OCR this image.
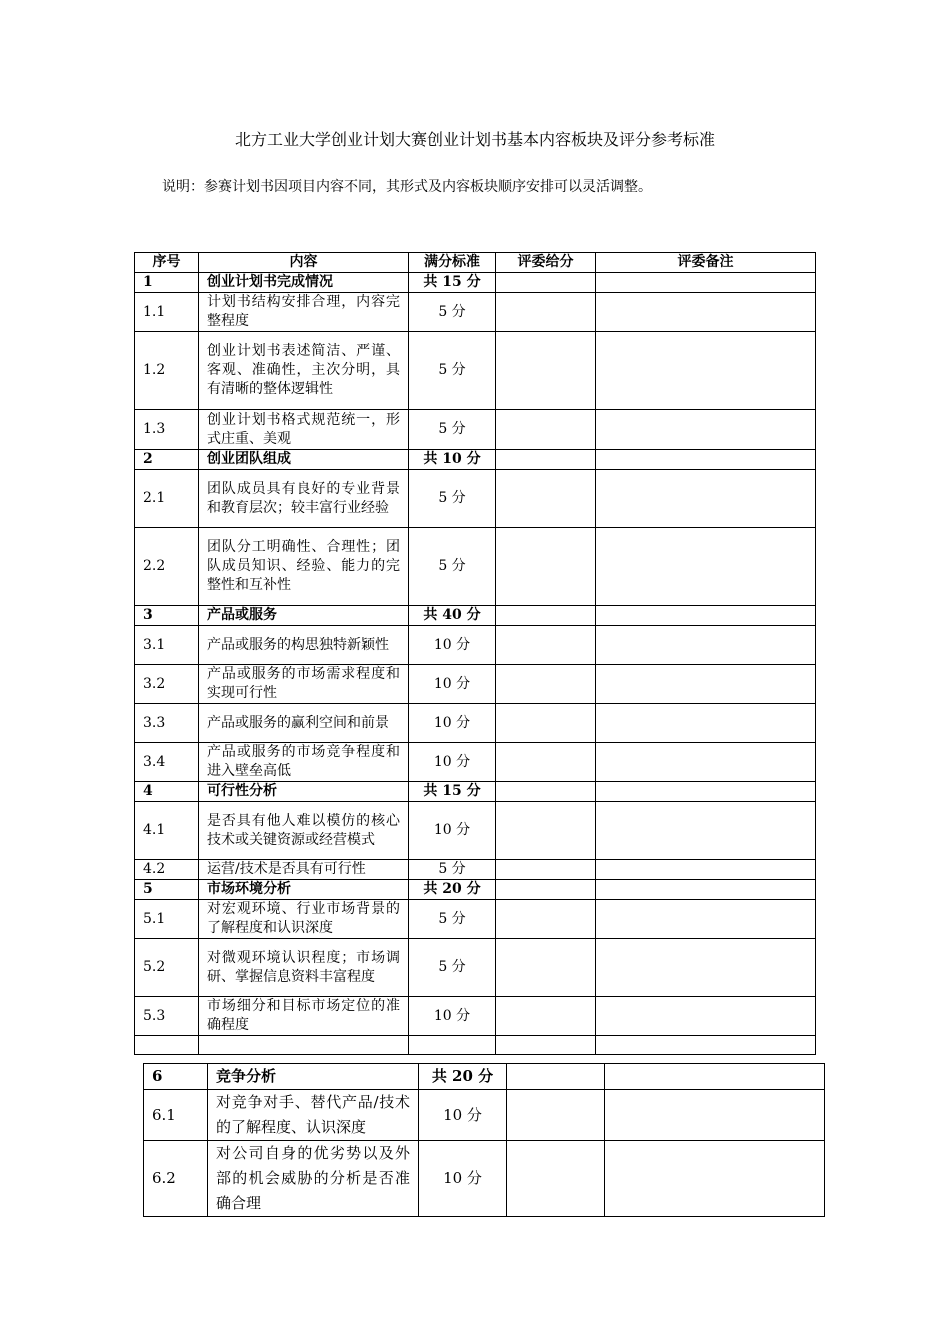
北方工业大学创业计划大赛创业计划书基本内容板块及评分参考标准
说明：参赛计划书因项目内容不同，其形式及内容板块顺序安排可以灵活调整。
序号	内容	满分标准	评委给分	评委备注
1	创业计划书完成情况	共 15 分		
1.1	计划书结构安排合理，内容完整程度	5 分		
1.2	创业计划书表述简洁、严谨、客观、准确性，主次分明，具有清晰的整体逻辑性	5 分		
1.3	创业计划书格式规范统一，形式庄重、美观	5 分		
2	创业团队组成	共 10 分		
2.1	团队成员具有良好的专业背景和教育层次；较丰富行业经验	5 分		
2.2	团队分工明确性、合理性；团队成员知识、经验、能力的完整性和互补性	5 分		
3	产品或服务	共 40 分		
3.1	产品或服务的构思独特新颖性	10 分		
3.2	产品或服务的市场需求程度和实现可行性	10 分		
3.3	产品或服务的赢利空间和前景	10 分		
3.4	产品或服务的市场竞争程度和进入壁垒高低	10 分		
4	可行性分析	共 15 分		
4.1	是否具有他人难以模仿的核心技术或关键资源或经营模式	10 分		
4.2	运营/技术是否具有可行性	5 分		
5	市场环境分析	共 20 分		
5.1	对宏观环境、行业市场背景的了解程度和认识深度	5 分		
5.2	对微观环境认识程度；市场调研、掌握信息资料丰富程度	5 分		
5.3	市场细分和目标市场定位的准确程度	10 分		

6	竞争分析	共 20 分		
6.1	对竞争对手、替代产品/技术的了解程度、认识深度	10 分		
6.2	对公司自身的优劣势以及外部的机会威胁的分析是否准确合理	10 分		
